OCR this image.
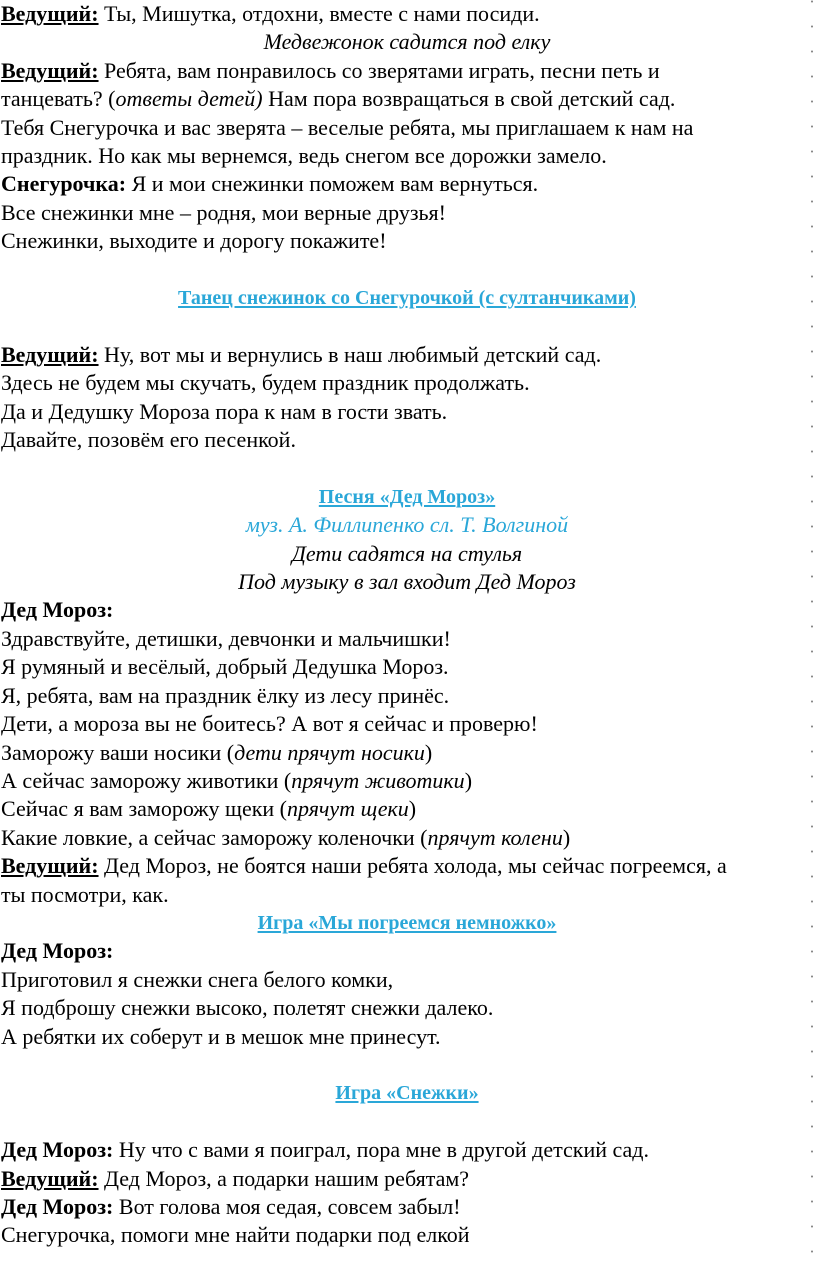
Ведущий: Ты, Мишутка, отдохни, вместе с нами посиди.
Медвежонок садится под елку
Ведущий: Ребята, вам понравилось со зверятами играть, песни петь и
танцевать? (ответы детей) Нам пора возвращаться в свой детский сад.
Тебя Снегурочка и вас зверята – веселые ребята, мы приглашаем к нам на
праздник. Но как мы вернемся, ведь снегом все дорожки замело.
Снегурочка: Я и мои снежинки поможем вам вернуться.
Все снежинки мне – родня, мои верные друзья!
Снежинки, выходите и дорогу покажите!
Танец снежинок со Снегурочкой (с султанчиками)
Ведущий: Ну, вот мы и вернулись в наш любимый детский сад.
Здесь не будем мы скучать, будем праздник продолжать.
Да и Дедушку Мороза пора к нам в гости звать.
Давайте, позовём его песенкой.
Песня «Дед Мороз»
муз. А. Филлипенко сл. Т. Волгиной
Дети садятся на стулья
Под музыку в зал входит Дед Мороз
Дед Мороз:
Здравствуйте, детишки, девчонки и мальчишки!
Я румяный и весёлый, добрый Дедушка Мороз.
Я, ребята, вам на праздник ёлку из лесу принёс.
Дети, а мороза вы не боитесь? А вот я сейчас и проверю!
Заморожу ваши носики (дети прячут носики)
А сейчас заморожу животики (прячут животики)
Сейчас я вам заморожу щеки (прячут щеки)
Какие ловкие, а сейчас заморожу коленочки (прячут колени)
Ведущий: Дед Мороз, не боятся наши ребята холода, мы сейчас погреемся, а
ты посмотри, как.
Игра «Мы погреемся немножко»
Дед Мороз:
Приготовил я снежки снега белого комки,
Я подброшу снежки высоко, полетят снежки далеко.
А ребятки их соберут и в мешок мне принесут.
Игра «Снежки»
Дед Мороз: Ну что с вами я поиграл, пора мне в другой детский сад.
Ведущий: Дед Мороз, а подарки нашим ребятам?
Дед Мороз: Вот голова моя седая, совсем забыл!
Снегурочка, помоги мне найти подарки под елкой
